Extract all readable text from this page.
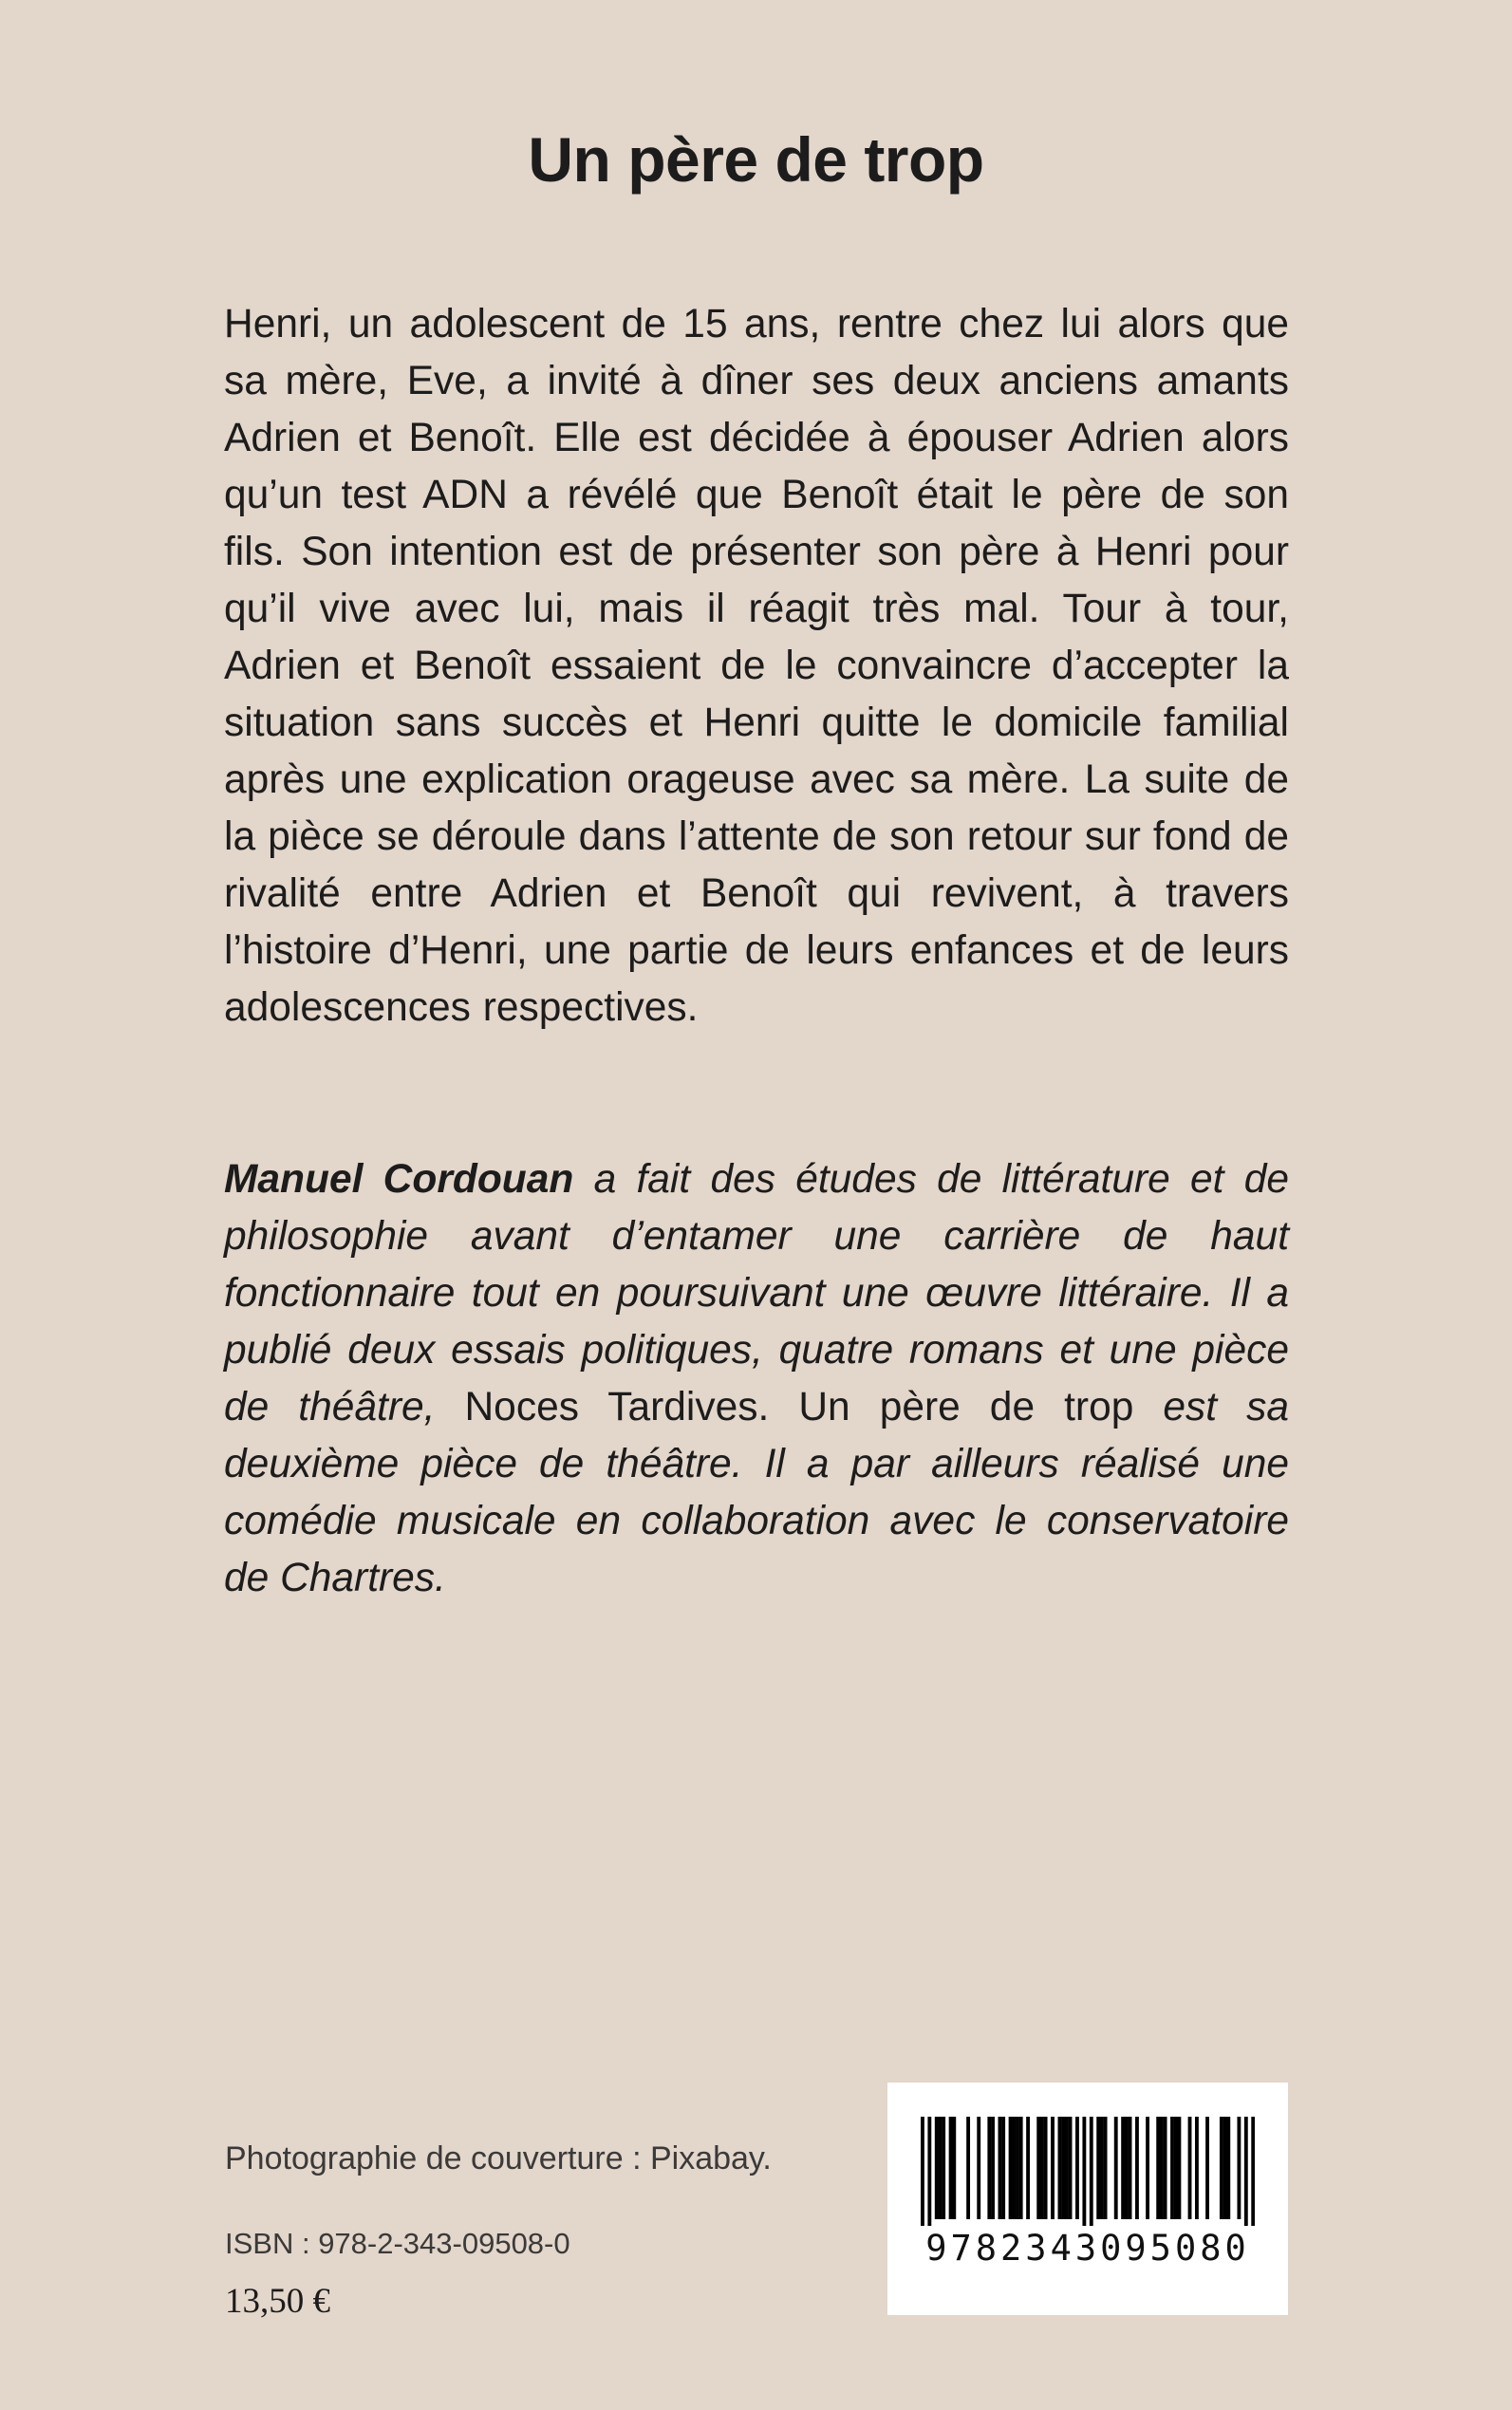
Un père de trop

Henri, un adolescent de 15 ans, rentre chez lui alors que sa mère, Eve, a invité à dîner ses deux anciens amants Adrien et Benoît. Elle est décidée à épouser Adrien alors qu’un test ADN a révélé que Benoît était le père de son fils. Son intention est de présenter son père à Henri pour qu’il vive avec lui, mais il réagit très mal. Tour à tour, Adrien et Benoît essaient de le convaincre d’accepter la situation sans succès et Henri quitte le domicile familial après une explication orageuse avec sa mère. La suite de la pièce se déroule dans l’attente de son retour sur fond de rivalité entre Adrien et Benoît qui revivent, à travers l’histoire d’Henri, une partie de leurs enfances et de leurs adolescences respectives.

Manuel Cordouan a fait des études de littérature et de philosophie avant d’entamer une carrière de haut fonctionnaire tout en poursuivant une œuvre littéraire. Il a publié deux essais politiques, quatre romans et une pièce de théâtre, Noces Tardives. Un père de trop est sa deuxième pièce de théâtre. Il a par ailleurs réalisé une comédie musicale en collaboration avec le conservatoire de Chartres.

Photographie de couverture : Pixabay.

ISBN : 978-2-343-09508-0

13,50 €

9782343095080
